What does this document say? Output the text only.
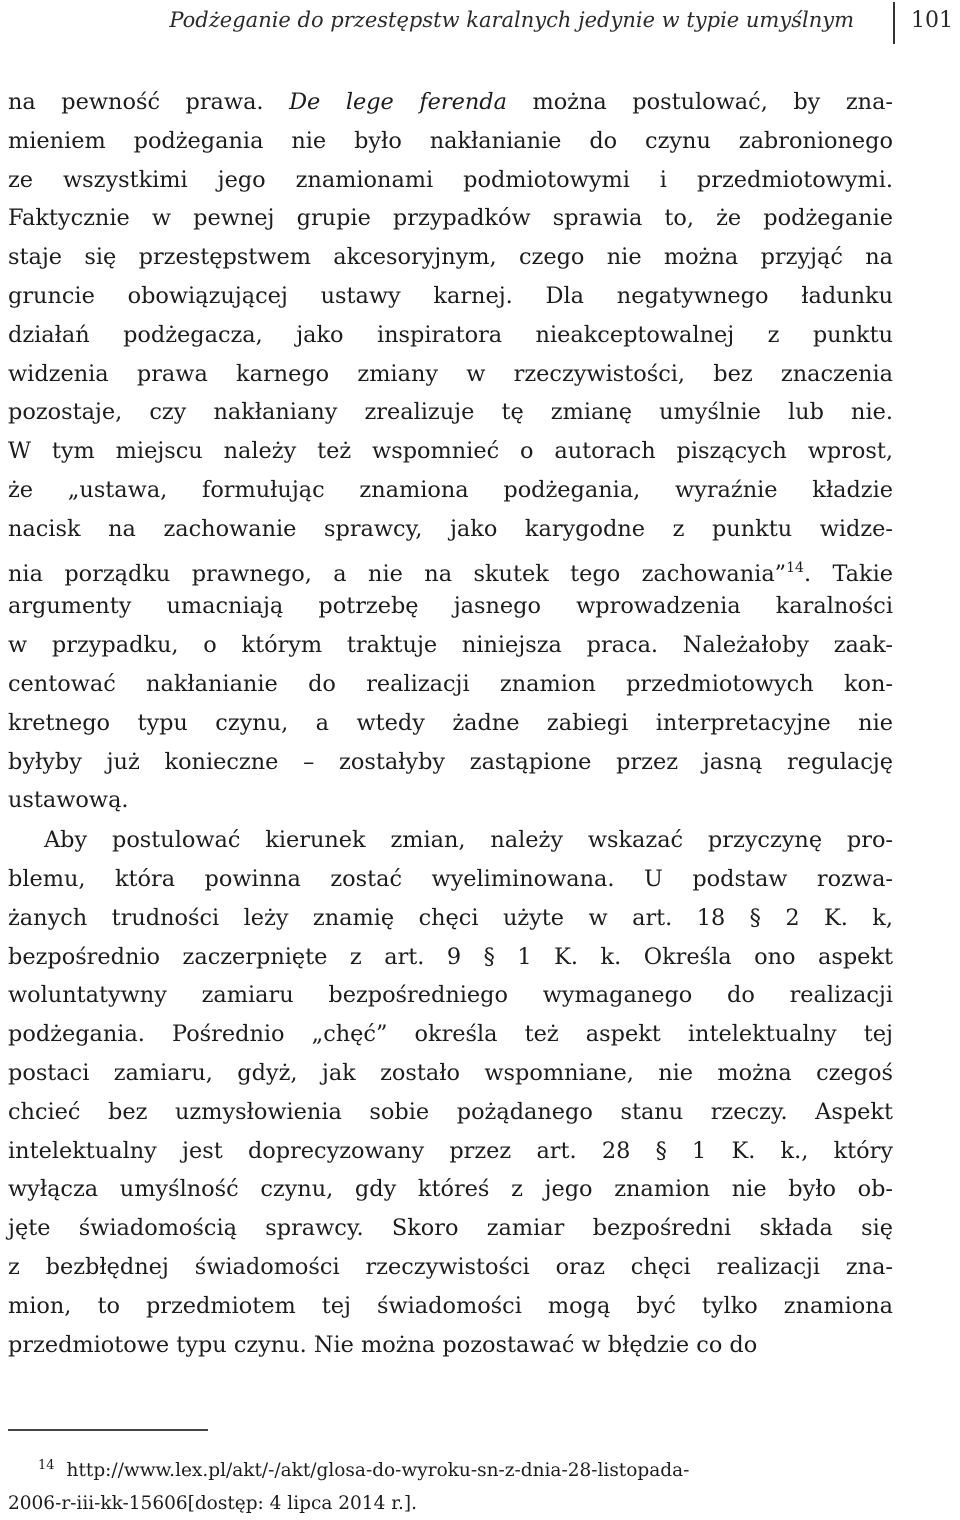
Podżeganie do przestępstw karalnych jedynie w typie umyślnym	101
na pewność prawa. De lege ferenda można postulować, by zna-
mieniem podżegania nie było nakłanianie do czynu zabronionego
ze wszystkimi jego znamionami podmiotowymi i przedmiotowymi.
Faktycznie w pewnej grupie przypadków sprawia to, że podżeganie
staje się przestępstwem akcesoryjnym, czego nie można przyjąć na
gruncie obowiązującej ustawy karnej. Dla negatywnego ładunku
działań podżegacza, jako inspiratora nieakceptowalnej z punktu
widzenia prawa karnego zmiany w rzeczywistości, bez znaczenia
pozostaje, czy nakłaniany zrealizuje tę zmianę umyślnie lub nie.
W tym miejscu należy też wspomnieć o autorach piszących wprost,
że „ustawa, formułując znamiona podżegania, wyraźnie kładzie
nacisk na zachowanie sprawcy, jako karygodne z punktu widze-
nia porządku prawnego, a nie na skutek tego zachowania”$^{14}$. Takie
argumenty umacniają potrzebę jasnego wprowadzenia karalności
w przypadku, o którym traktuje niniejsza praca. Należałoby zaak-
centować nakłanianie do realizacji znamion przedmiotowych kon-
kretnego typu czynu, a wtedy żadne zabiegi interpretacyjne nie
byłyby już konieczne – zostałyby zastąpione przez jasną regulację
ustawową.
Aby postulować kierunek zmian, należy wskazać przyczynę pro-
blemu, która powinna zostać wyeliminowana. U podstaw rozwa-
żanych trudności leży znamię chęci użyte w art. 18 § 2 K. k,
bezpośrednio zaczerpnięte z art. 9 § 1 K. k. Określa ono aspekt
woluntatywny zamiaru bezpośredniego wymaganego do realizacji
podżegania. Pośrednio „chęć” określa też aspekt intelektualny tej
postaci zamiaru, gdyż, jak zostało wspomniane, nie można czegoś
chcieć bez uzmysłowienia sobie pożądanego stanu rzeczy. Aspekt
intelektualny jest doprecyzowany przez art. 28 § 1 K. k., który
wyłącza umyślność czynu, gdy któreś z jego znamion nie było ob-
jęte świadomością sprawcy. Skoro zamiar bezpośredni składa się
z bezbłędnej świadomości rzeczywistości oraz chęci realizacji zna-
mion, to przedmiotem tej świadomości mogą być tylko znamiona
przedmiotowe typu czynu. Nie można pozostawać w błędzie co do
$^{14}$ http://www.lex.pl/akt/-/akt/glosa-do-wyroku-sn-z-dnia-28-listopada-
2006-r-iii-kk-15606[dostęp: 4 lipca 2014 r.].
